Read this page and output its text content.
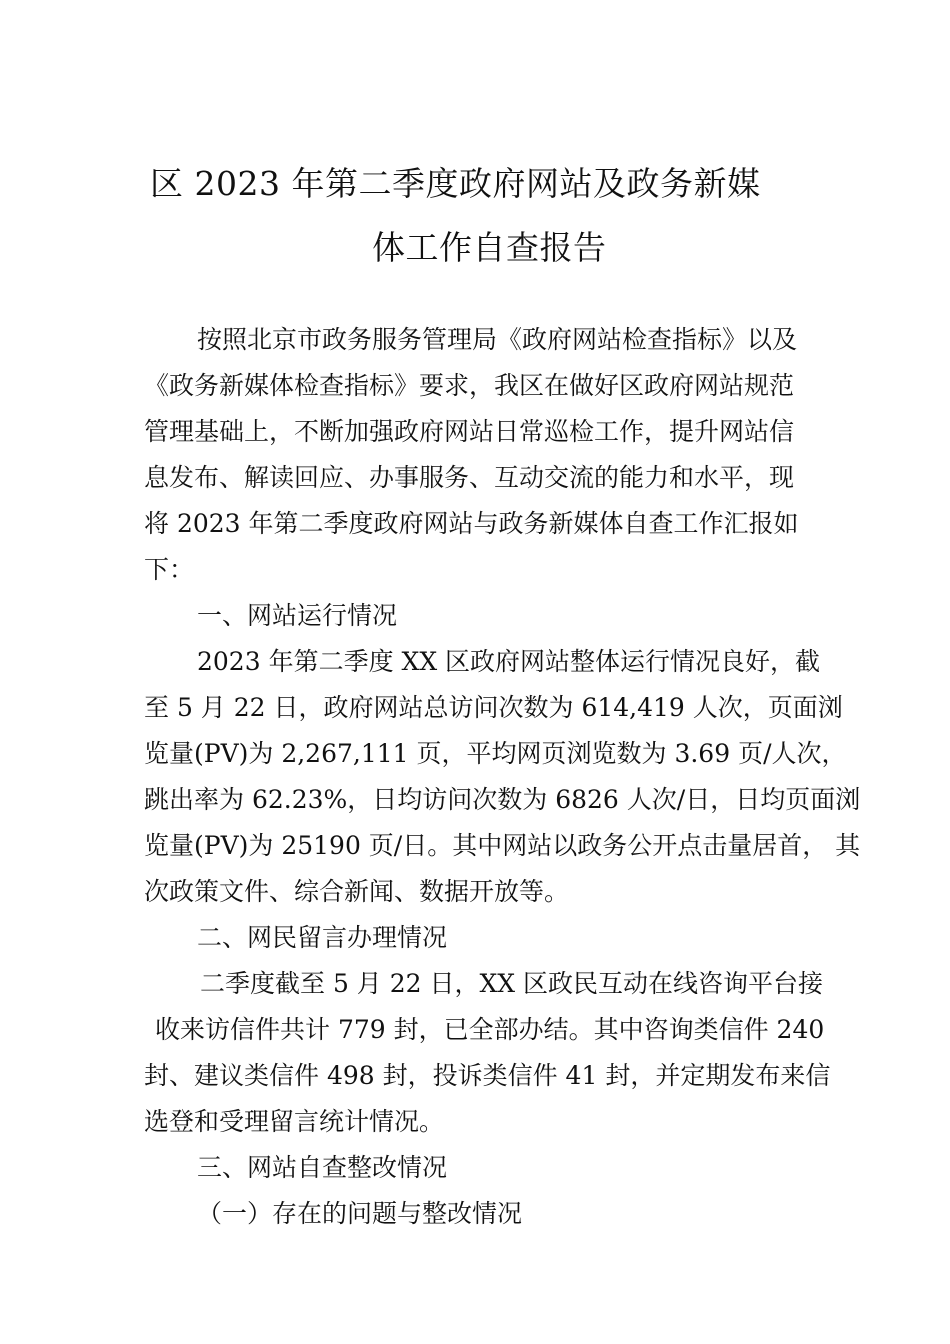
区 2023 年第二季度政府网站及政务新媒
体工作自查报告
按照北京市政务服务管理局《政府网站检查指标》以及
《政务新媒体检查指标》要求，我区在做好区政府网站规范
管理基础上，不断加强政府网站日常巡检工作，提升网站信
息发布、解读回应、办事服务、互动交流的能力和水平，现
将 2023 年第二季度政府网站与政务新媒体自查工作汇报如
下：
一、网站运行情况
2023 年第二季度 XX 区政府网站整体运行情况良好，截
至 5 月 22 日，政府网站总访问次数为 614,419 人次，页面浏
览量(PV)为 2,267,111 页，平均网页浏览数为 3.69 页/人次，
跳出率为 62.23%，日均访问次数为 6826 人次/日，日均页面浏
览量(PV)为 25190 页/日。其中网站以政务公开点击量居首， 其
次政策文件、综合新闻、数据开放等。
二、网民留言办理情况
二季度截至 5 月 22 日，XX 区政民互动在线咨询平台接
收来访信件共计 779 封，已全部办结。其中咨询类信件 240
封、建议类信件 498 封，投诉类信件 41 封，并定期发布来信
选登和受理留言统计情况。
三、网站自查整改情况
（一）存在的问题与整改情况
